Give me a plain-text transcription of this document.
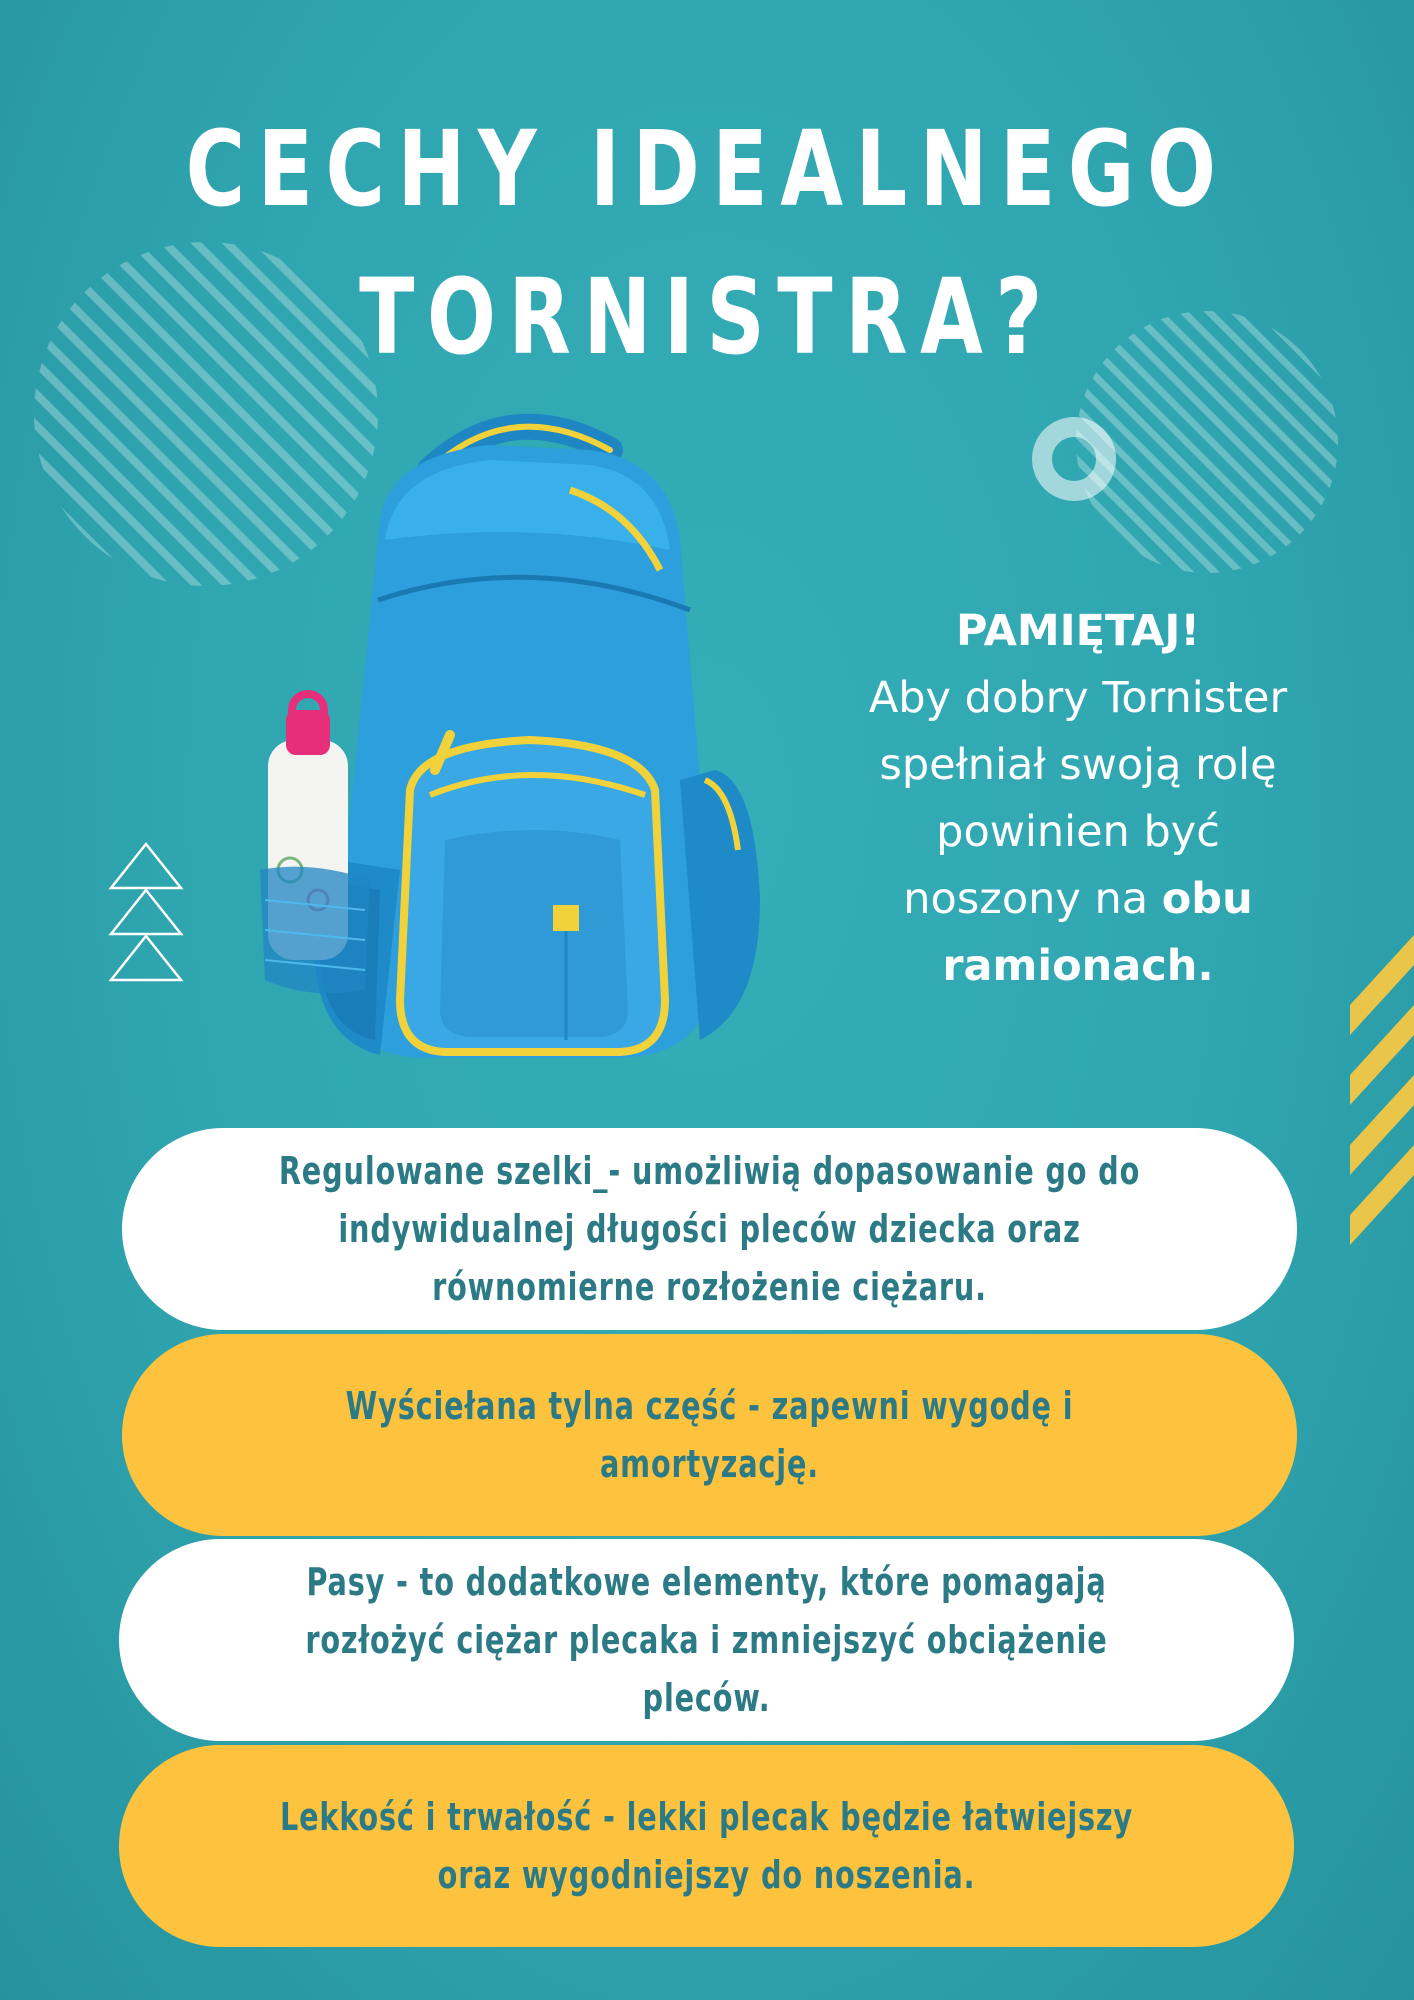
CECHY IDEALNEGO
TORNISTRA?
PAMIĘTAJ!
Aby dobry Tornister
spełniał swoją rolę
powinien być
noszony na obu
ramionach.

Regulowane szelki_- umożliwią dopasowanie go do indywidualnej długości pleców dziecka oraz równomierne rozłożenie ciężaru.

Wyściełana tylna część - zapewni wygodę i amortyzację.

Pasy - to dodatkowe elementy, które pomagają rozłożyć ciężar plecaka i zmniejszyć obciążenie pleców.

Lekkość i trwałość - lekki plecak będzie łatwiejszy oraz wygodniejszy do noszenia.
